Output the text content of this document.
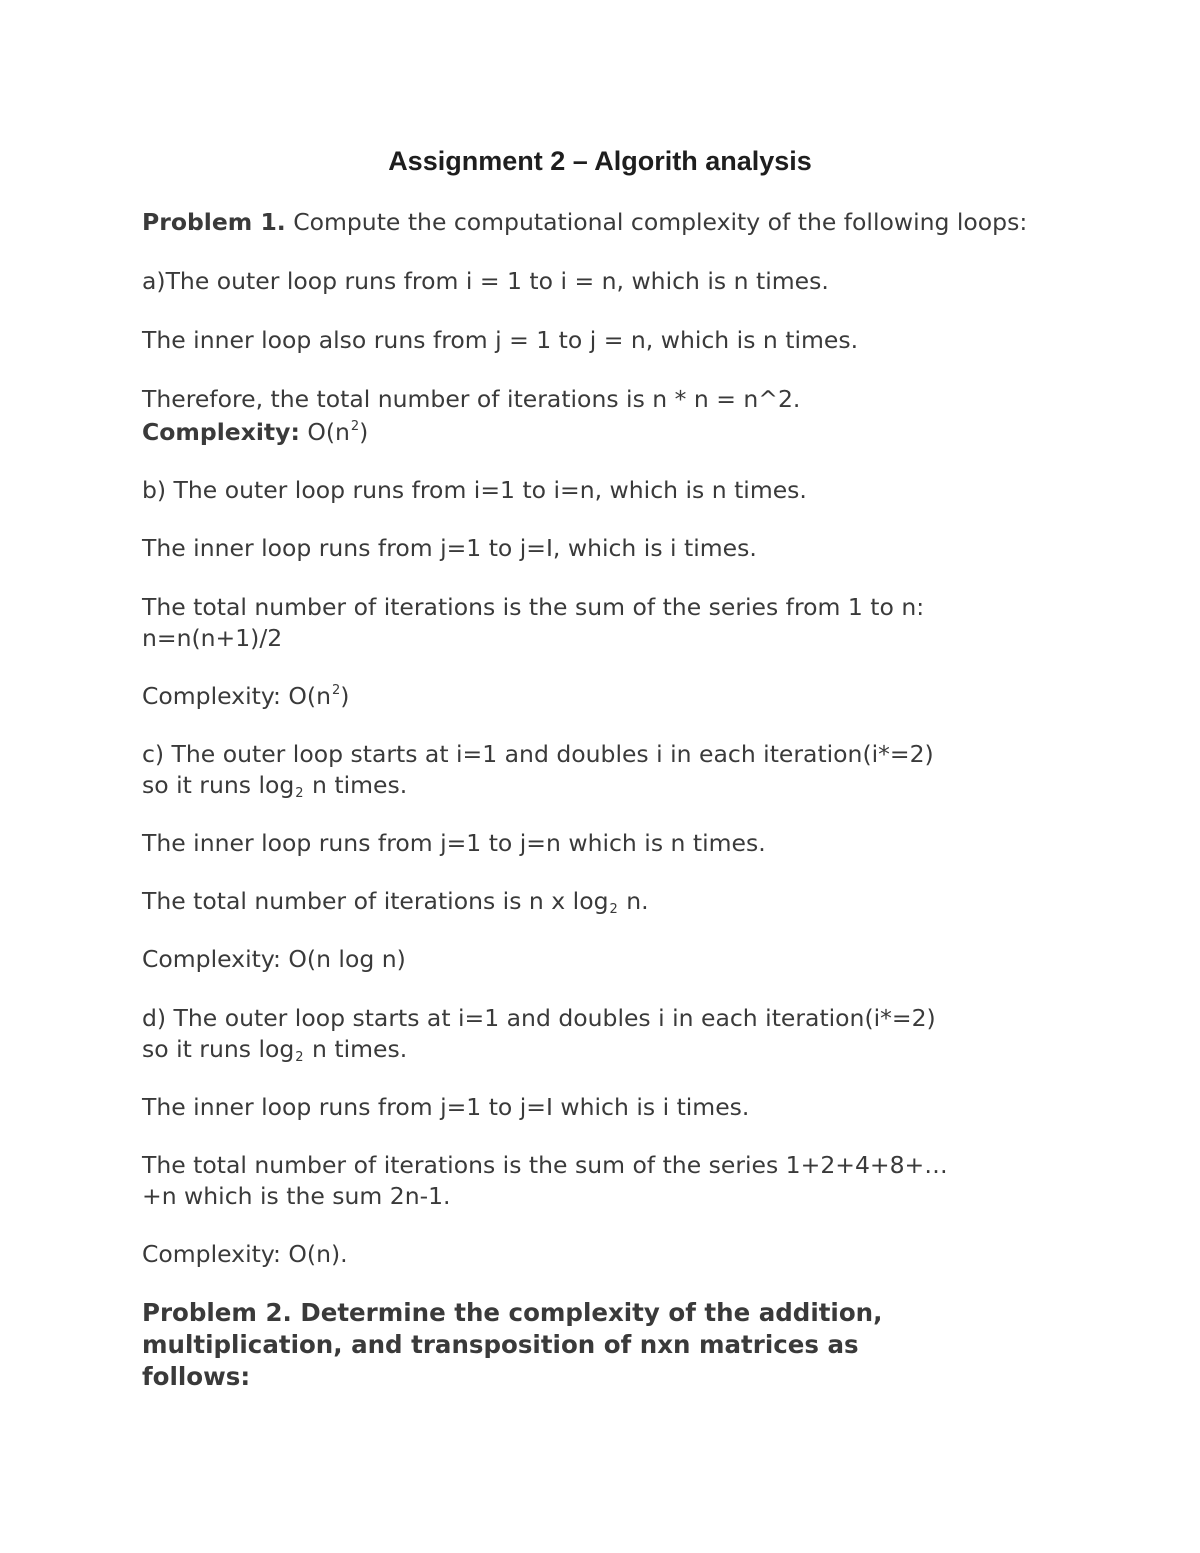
Assignment 2 – Algorith analysis
Problem 1. Compute the computational complexity of the following loops:
a)The outer loop runs from i = 1 to i = n, which is n times.
The inner loop also runs from j = 1 to j = n, which is n times.
Therefore, the total number of iterations is n * n = n^2.
Complexity: $O(n^2)$
b) The outer loop runs from i=1 to i=n, which is n times.
The inner loop runs from j=1 to j=I, which is i times.
The total number of iterations is the sum of the series from 1 to n:
n=n(n+1)/2
Complexity: $O(n^2)$
c) The outer loop starts at i=1 and doubles i in each iteration(i*=2)
so it runs log2 n times.
The inner loop runs from j=1 to j=n which is n times.
The total number of iterations is n x log2 n.
Complexity: O(n log n)
d) The outer loop starts at i=1 and doubles i in each iteration(i*=2)
so it runs log2 n times.
The inner loop runs from j=1 to j=I which is i times.
The total number of iterations is the sum of the series 1+2+4+8+…
+n which is the sum 2n-1.
Complexity: O(n).
Problem 2. Determine the complexity of the addition,
multiplication, and transposition of nxn matrices as
follows:
